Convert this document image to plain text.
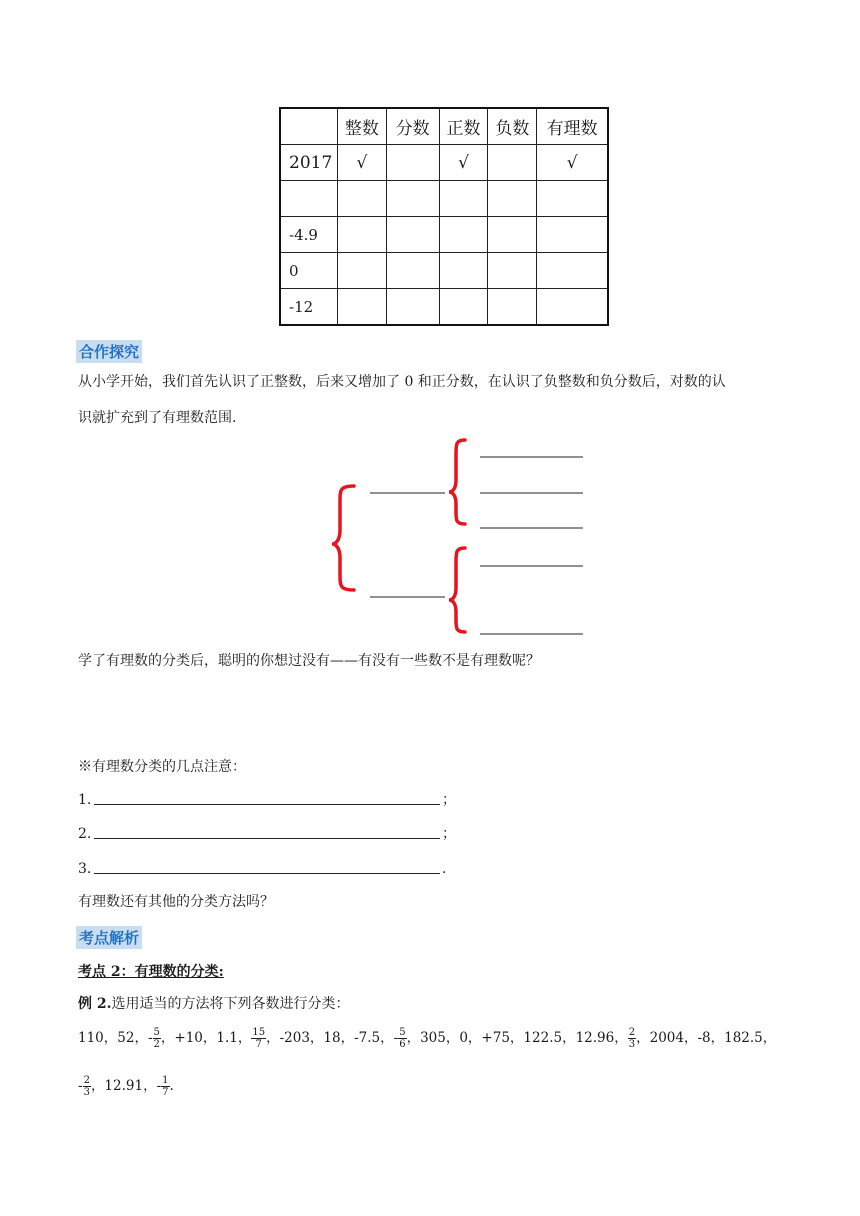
	整数	分数	正数	负数	有理数
2017	√		√		√

-4.9					
0					
-12					
合作探究
从小学开始，我们首先认识了正整数，后来又增加了 0 和正分数，在认识了负整数和负分数后，对数的认
识就扩充到了有理数范围.
学了有理数的分类后，聪明的你想过没有——有没有一些数不是有理数呢？
※有理数分类的几点注意：
1.	；
2.	；
3.	.
有理数还有其他的分类方法吗？
考点解析
考点 2：有理数的分类:
例 2.选用适当的方法将下列各数进行分类：
110，52，- $\frac{5}{2}$ ，+10，1.1， $\frac{15}{7}$ ，-203，18，-7.5，- $\frac{5}{6}$ ，305，0，+75，122.5，12.96， $\frac{2}{3}$ ，2004，-8，182.5，
- $\frac{2}{3}$ ，12.91，- $\frac{1}{7}$ .
